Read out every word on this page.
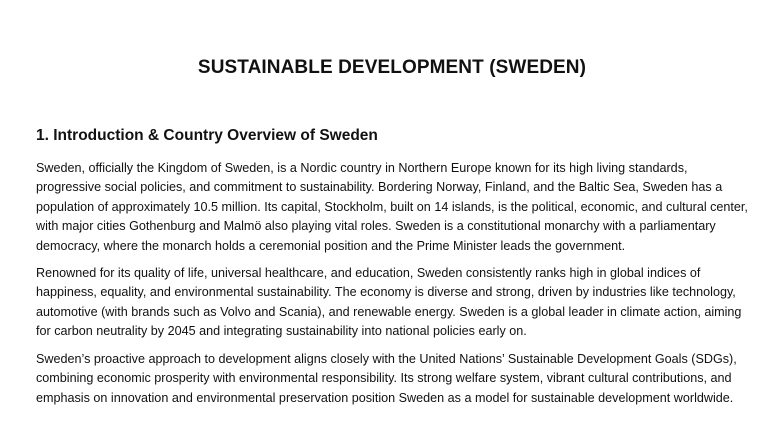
SUSTAINABLE DEVELOPMENT (SWEDEN)
1. Introduction & Country Overview of Sweden

Sweden, officially the Kingdom of Sweden, is a Nordic country in Northern Europe known for its high living standards, progressive social policies, and commitment to sustainability. Bordering Norway, Finland, and the Baltic Sea, Sweden has a population of approximately 10.5 million. Its capital, Stockholm, built on 14 islands, is the political, economic, and cultural center, with major cities Gothenburg and Malmö also playing vital roles. Sweden is a constitutional monarchy with a parliamentary democracy, where the monarch holds a ceremonial position and the Prime Minister leads the government.

Renowned for its quality of life, universal healthcare, and education, Sweden consistently ranks high in global indices of happiness, equality, and environmental sustainability. The economy is diverse and strong, driven by industries like technology, automotive (with brands such as Volvo and Scania), and renewable energy. Sweden is a global leader in climate action, aiming for carbon neutrality by 2045 and integrating sustainability into national policies early on.

Sweden’s proactive approach to development aligns closely with the United Nations’ Sustainable Development Goals (SDGs), combining economic prosperity with environmental responsibility. Its strong welfare system, vibrant cultural contributions, and emphasis on innovation and environmental preservation position Sweden as a model for sustainable development worldwide.
